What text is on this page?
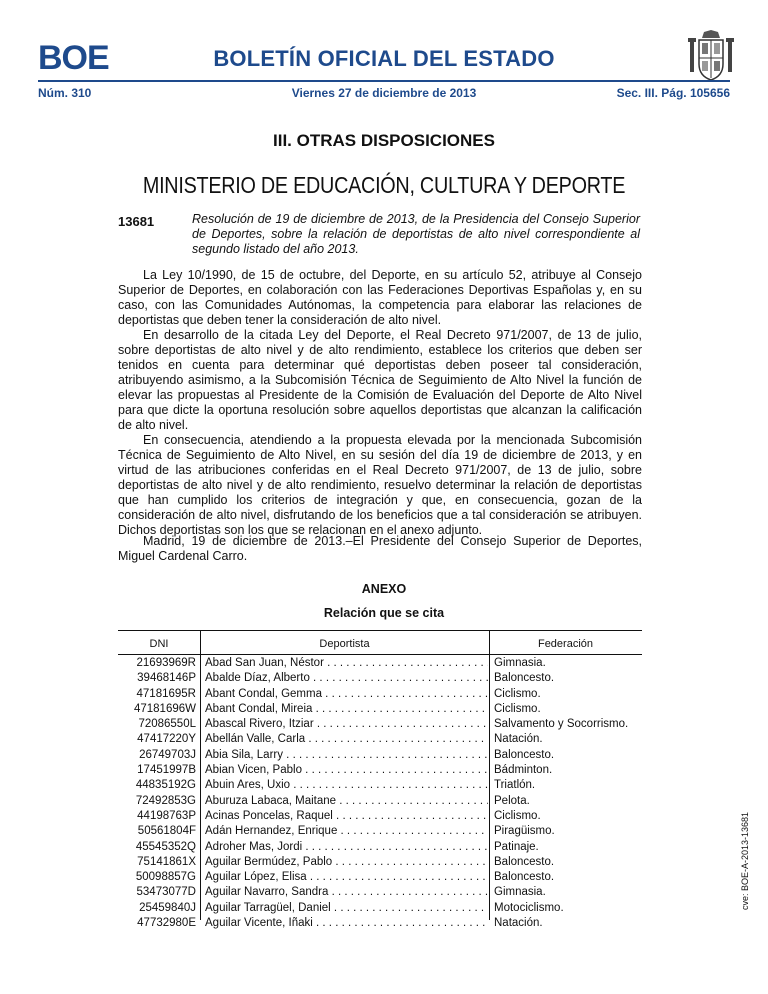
BOE	BOLETÍN OFICIAL DEL ESTADO
Núm. 310	Viernes 27 de diciembre de 2013	Sec. III. Pág. 105656
III. OTRAS DISPOSICIONES
MINISTERIO DE EDUCACIÓN, CULTURA Y DEPORTE
13681	Resolución de 19 de diciembre de 2013, de la Presidencia del Consejo Superior de Deportes, sobre la relación de deportistas de alto nivel correspondiente al segundo listado del año 2013.

La Ley 10/1990, de 15 de octubre, del Deporte, en su artículo 52, atribuye al Consejo Superior de Deportes, en colaboración con las Federaciones Deportivas Españolas y, en su caso, con las Comunidades Autónomas, la competencia para elaborar las relaciones de deportistas que deben tener la consideración de alto nivel.

En desarrollo de la citada Ley del Deporte, el Real Decreto 971/2007, de 13 de julio, sobre deportistas de alto nivel y de alto rendimiento, establece los criterios que deben ser tenidos en cuenta para determinar qué deportistas deben poseer tal consideración, atribuyendo asimismo, a la Subcomisión Técnica de Seguimiento de Alto Nivel la función de elevar las propuestas al Presidente de la Comisión de Evaluación del Deporte de Alto Nivel para que dicte la oportuna resolución sobre aquellos deportistas que alcanzan la calificación de alto nivel.

En consecuencia, atendiendo a la propuesta elevada por la mencionada Subcomisión Técnica de Seguimiento de Alto Nivel, en su sesión del día 19 de diciembre de 2013, y en virtud de las atribuciones conferidas en el Real Decreto 971/2007, de 13 de julio, sobre deportistas de alto nivel y de alto rendimiento, resuelvo determinar la relación de deportistas que han cumplido los criterios de integración y que, en consecuencia, gozan de la consideración de alto nivel, disfrutando de los beneficios que a tal consideración se atribuyen. Dichos deportistas son los que se relacionan en el anexo adjunto.

Madrid, 19 de diciembre de 2013.–El Presidente del Consejo Superior de Deportes, Miguel Cardenal Carro.

ANEXO
Relación que se cita
DNI	Deportista	Federación
21693969R Abad San Juan, Néstor . . .	Gimnasia.
39468146P Abalde Díaz, Alberto . . .	Baloncesto.
47181695R Abant Condal, Gemma . . .	Ciclismo.
47181696W Abant Condal, Mireia . . .	Ciclismo.
72086550L Abascal Rivero, Itziar . . .	Salvamento y Socorrismo.
47417220Y Abellán Valle, Carla . . .	Natación.
26749703J Abia Sila, Larry . . .	Baloncesto.
17451997B Abian Vicen, Pablo . . .	Bádminton.
44835192G Abuin Ares, Uxio . . .	Triatlón.
72492853G Aburuza Labaca, Maitane . . .	Pelota.
44198763P Acinas Poncelas, Raquel . . .	Ciclismo.
50561804F Adán Hernandez, Enrique . . .	Piragüismo.
45545352Q Adroher Mas, Jordi . . .	Patinaje.
75141861X Aguilar Bermúdez, Pablo . . .	Baloncesto.
50098857G Aguilar López, Elisa . . .	Baloncesto.
53473077D Aguilar Navarro, Sandra . . .	Gimnasia.
25459840J Aguilar Tarragüel, Daniel . . .	Motociclismo.
47732980E Aguilar Vicente, Iñaki . . .	Natación.
cve: BOE-A-2013-13681
